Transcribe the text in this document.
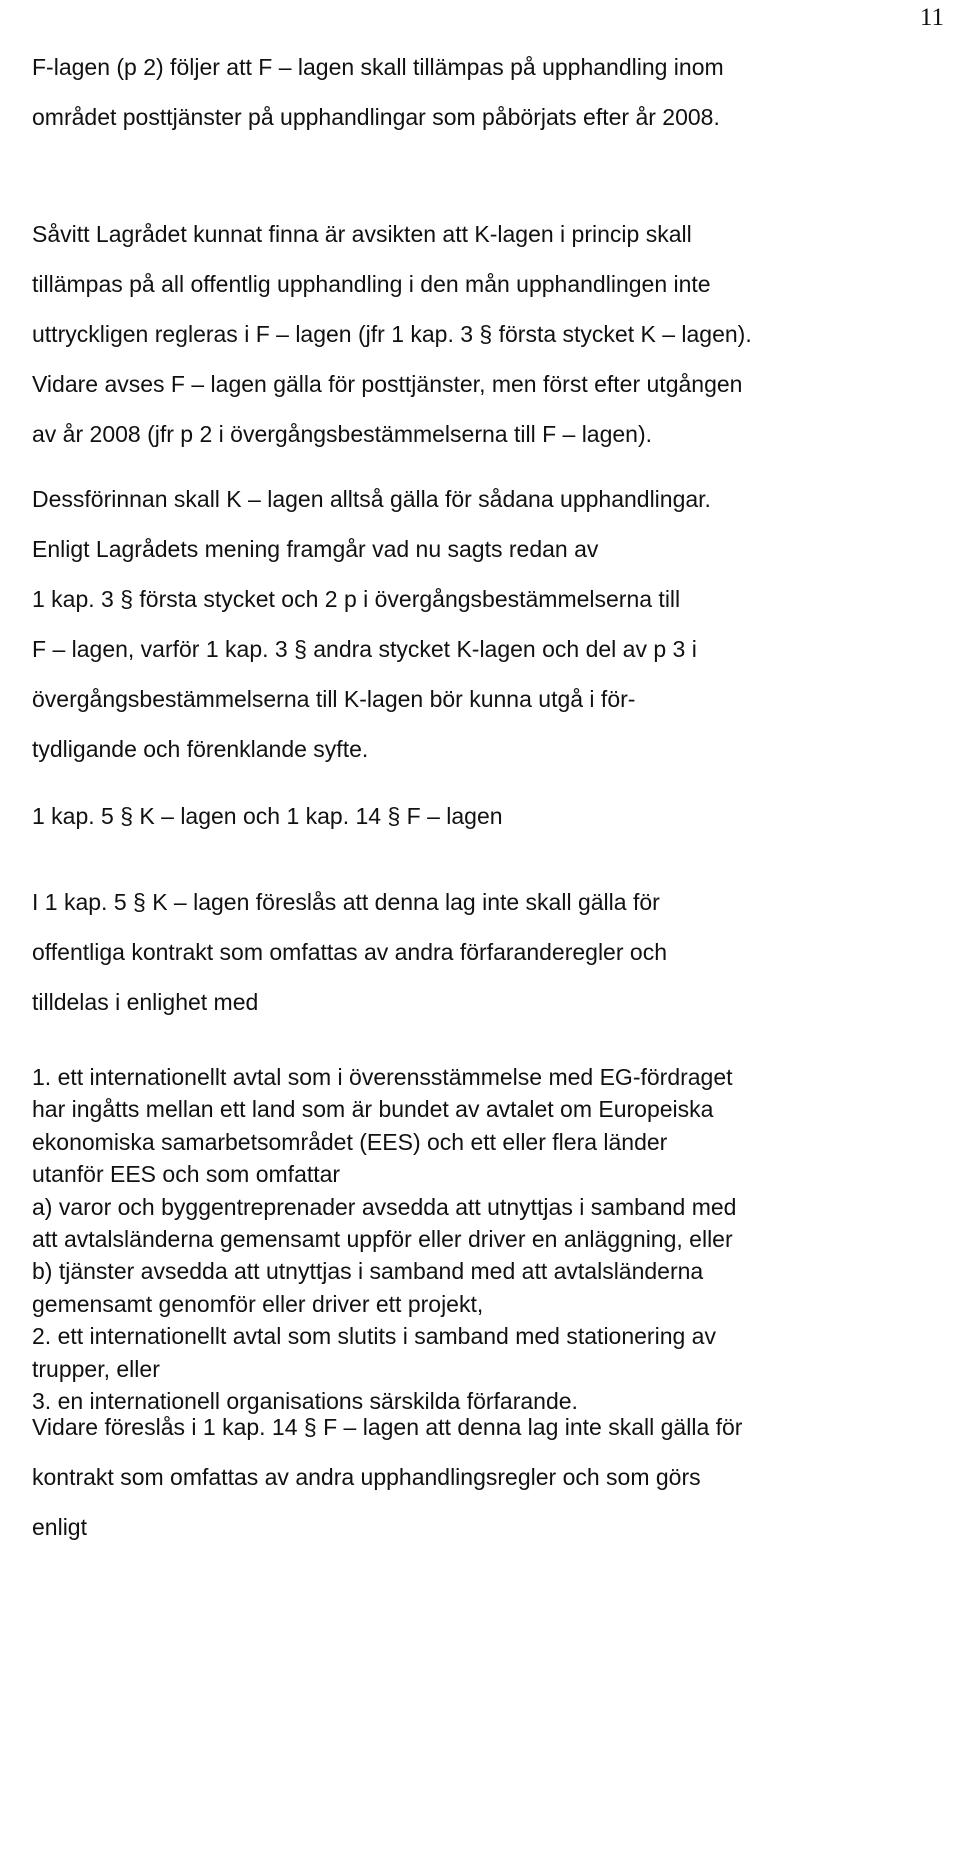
11
F-lagen (p 2) följer att F – lagen skall tillämpas på upphandling inom
området posttjänster på upphandlingar som påbörjats efter år 2008.
Såvitt Lagrådet kunnat finna är avsikten att K-lagen i princip skall
tillämpas på all offentlig upphandling i den mån upphandlingen inte
uttryckligen regleras i F – lagen (jfr 1 kap. 3 § första stycket K – lagen).
Vidare avses F – lagen gälla för posttjänster, men först efter utgången
av år 2008 (jfr p 2 i övergångsbestämmelserna till F – lagen).
Dessförinnan skall K – lagen alltså gälla för sådana upphandlingar.
Enligt Lagrådets mening framgår vad nu sagts redan av
1 kap. 3 § första stycket och 2 p i övergångsbestämmelserna till
F – lagen, varför 1 kap. 3 § andra stycket K-lagen och del av p 3 i
övergångsbestämmelserna till K-lagen bör kunna utgå i för-
tydligande och förenklande syfte.
1 kap. 5 § K – lagen och 1 kap. 14 § F – lagen
I 1 kap. 5 § K – lagen föreslås att denna lag inte skall gälla för
offentliga kontrakt som omfattas av andra förfaranderegler och
tilldelas i enlighet med
1. ett internationellt avtal som i överensstämmelse med EG-fördraget
har ingåtts mellan ett land som är bundet av avtalet om Europeiska
ekonomiska samarbetsområdet (EES) och ett eller flera länder
utanför EES och som omfattar
a) varor och byggentreprenader avsedda att utnyttjas i samband med
att avtalsländerna gemensamt uppför eller driver en anläggning, eller
b) tjänster avsedda att utnyttjas i samband med att avtalsländerna
gemensamt genomför eller driver ett projekt,
2. ett internationellt avtal som slutits i samband med stationering av
trupper, eller
3. en internationell organisations särskilda förfarande.
Vidare föreslås i 1 kap. 14 § F – lagen att denna lag inte skall gälla för
kontrakt som omfattas av andra upphandlingsregler och som görs
enligt
